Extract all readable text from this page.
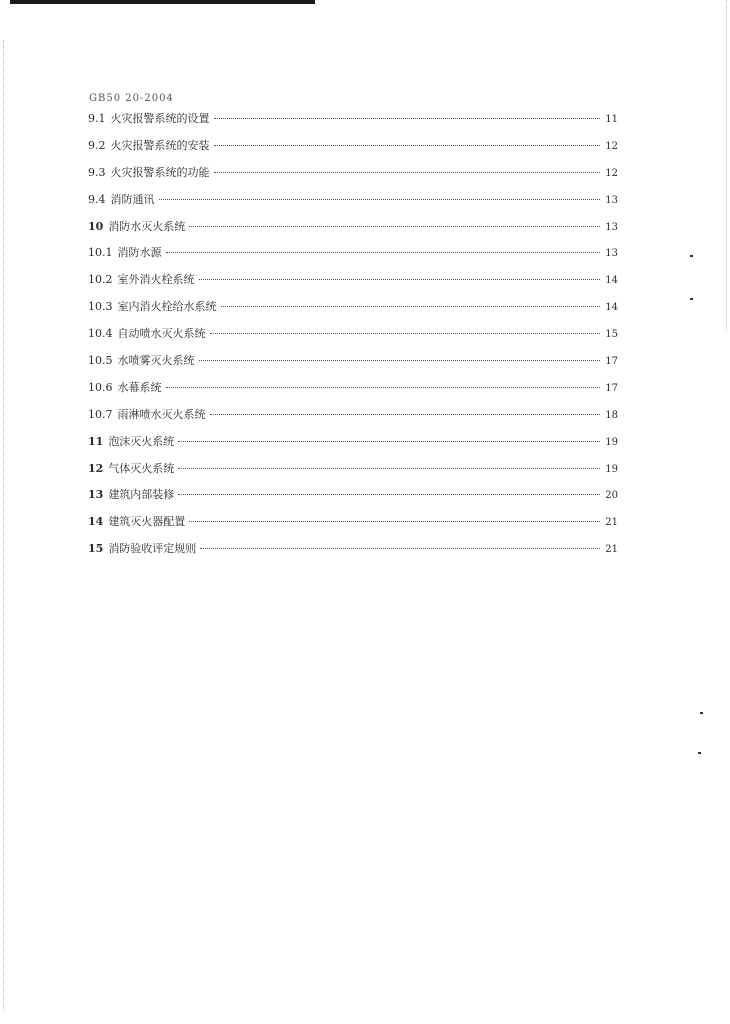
GB50 20-2004
9.1 火灾报警系统的设置	11
9.2 火灾报警系统的安装	12
9.3 火灾报警系统的功能	12
9.4 消防通讯	13
10 消防水灭火系统	13
10.1 消防水源	13
10.2 室外消火栓系统	14
10.3 室内消火栓给水系统	14
10.4 自动喷水灭火系统	15
10.5 水喷雾灭火系统	17
10.6 水幕系统	17
10.7 雨淋喷水灭火系统	18
11 泡沫灭火系统	19
12 气体灭火系统	19
13 建筑内部装修	20
14 建筑灭火器配置	21
15 消防验收评定规则	21
